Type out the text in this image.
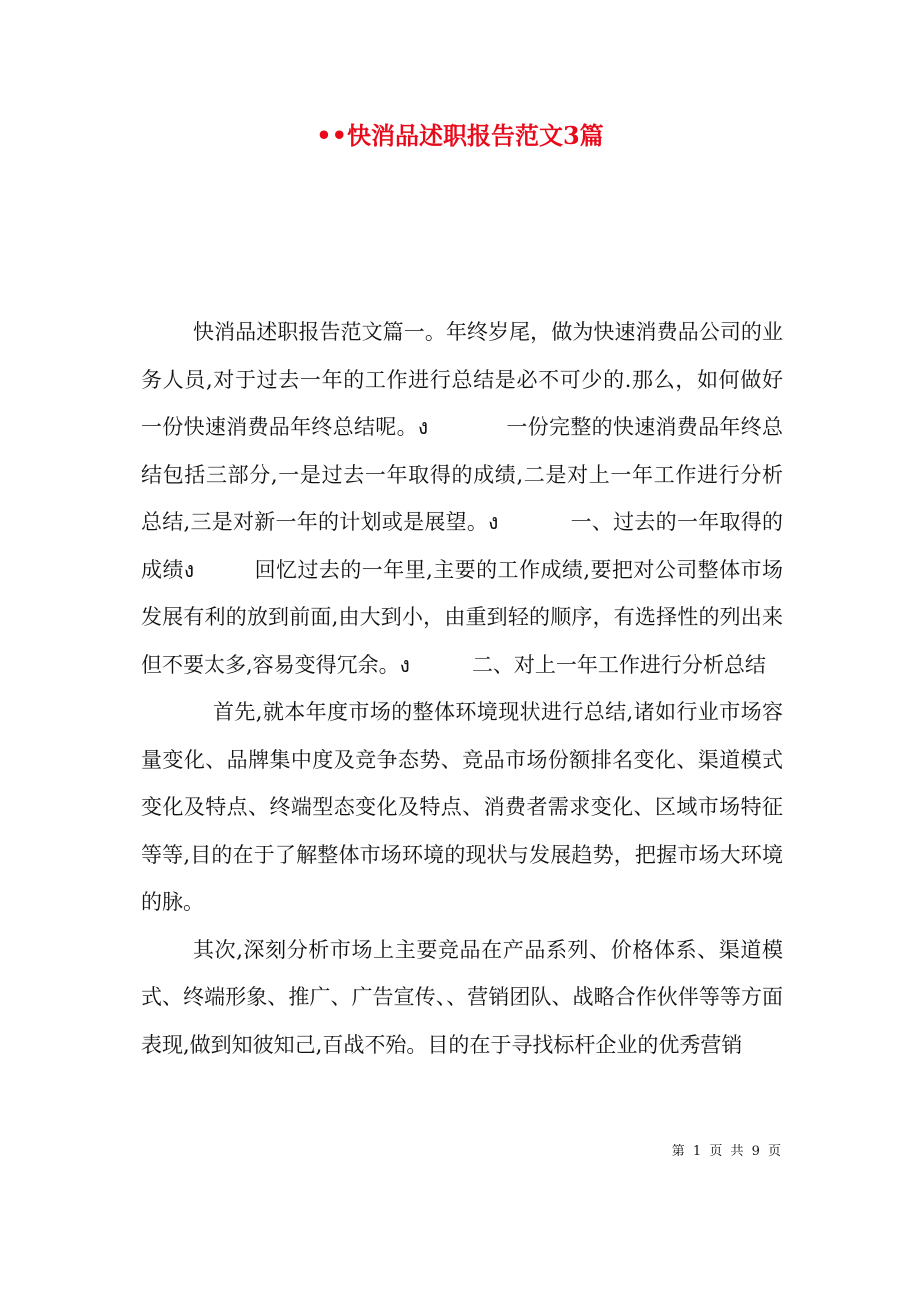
••快消品述职报告范文3篇

快消品述职报告范文篇一。年终岁尾，做为快速消费品公司的业务人员,对于过去一年的工作进行总结是必不可少的.那么，如何做好一份快速消费品年终总结呢。ง	一份完整的快速消费品年终总结包括三部分,一是过去一年取得的成绩,二是对上一年工作进行分析总结,三是对新一年的计划或是展望。ง	一、过去的一年取得的成绩ง	回忆过去的一年里,主要的工作成绩,要把对公司整体市场发展有利的放到前面,由大到小，由重到轻的顺序，有选择性的列出来但不要太多,容易变得冗余。ง	二、对上一年工作进行分析总结

首先,就本年度市场的整体环境现状进行总结,诸如行业市场容量变化、品牌集中度及竞争态势、竞品市场份额排名变化、渠道模式变化及特点、终端型态变化及特点、消费者需求变化、区域市场特征等等,目的在于了解整体市场环境的现状与发展趋势，把握市场大环境的脉。

其次,深刻分析市场上主要竞品在产品系列、价格体系、渠道模式、终端形象、推广、广告宣传、、营销团队、战略合作伙伴等等方面表现,做到知彼知己,百战不殆。目的在于寻找标杆企业的优秀营销

第 1 页 共 9 页
